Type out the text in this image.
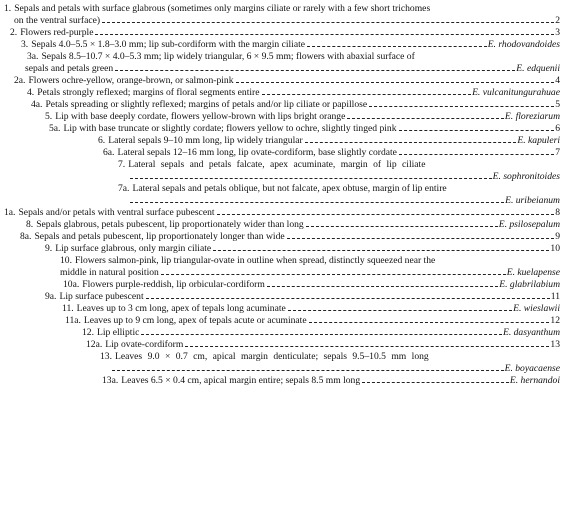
1. Sepals and petals with surface glabrous (sometimes only margins ciliate or rarely with a few short trichomes
on the ventral surface)	2
2. Flowers red-purple	3
3. Sepals 4.0–5.5 × 1.8–3.0 mm; lip sub-cordiform with the margin ciliate	E. rhodovandoides
3a. Sepals 8.5–10.7 × 4.0–5.3 mm; lip widely triangular, 6 × 9.5 mm; flowers with abaxial surface of
sepals and petals green	E. edquenii
2a. Flowers ochre-yellow, orange-brown, or salmon-pink	4
4. Petals strongly reflexed; margins of floral segments entire	E. vulcanitungurahuae
4a. Petals spreading or slightly reflexed; margins of petals and/or lip ciliate or papillose	5
5. Lip with base deeply cordate, flowers yellow-brown with lips bright orange	E. floreziarum
5a. Lip with base truncate or slightly cordate; flowers yellow to ochre, slightly tinged pink	6
6. Lateral sepals 9–10 mm long, lip widely triangular	E. kapuleri
6a. Lateral sepals 12–16 mm long, lip ovate-cordiform, base slightly cordate	7
7. Lateral sepals and petals falcate, apex acuminate, margin of lip ciliate
E. sophronitoides
7a. Lateral sepals and petals oblique, but not falcate, apex obtuse, margin of lip entire
E. uribeianum
1a. Sepals and/or petals with ventral surface pubescent	8
8. Sepals glabrous, petals pubescent, lip proportionately wider than long	E. psilosepalum
8a. Sepals and petals pubescent, lip proportionately longer than wide	9
9. Lip surface glabrous, only margin ciliate	10
10. Flowers salmon-pink, lip triangular-ovate in outline when spread, distinctly squeezed near the
middle in natural position	E. kuelapense
10a. Flowers purple-reddish, lip orbicular-cordiform	E. glabrilabium
9a. Lip surface pubescent	11
11. Leaves up to 3 cm long, apex of tepals long acuminate	E. wieslawii
11a. Leaves up to 9 cm long, apex of tepals acute or acuminate	12
12. Lip elliptic	E. dasyanthum
12a. Lip ovate-cordiform	13
13. Leaves 9.0 × 0.7 cm, apical margin denticulate; sepals 9.5–10.5 mm long
E. boyacaense
13a. Leaves 6.5 × 0.4 cm, apical margin entire; sepals 8.5 mm long	E. hernandoi
